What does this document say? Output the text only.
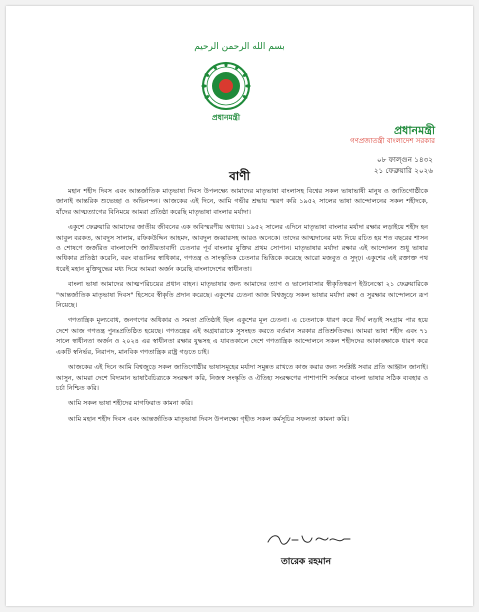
بسم الله الرحمن الرحيم
প্রধানমন্ত্রী
প্রধানমন্ত্রী
গণপ্রজাতন্ত্রী বাংলাদেশ সরকার
০৮ ফাল্গুন ১৪৩২
২১ ফেব্রুয়ারি ২০২৬
বাণী

মহান শহীদ দিবস এবং আন্তর্জাতিক মাতৃভাষা দিবস উপলক্ষ্যে আমাদের মাতৃভাষা বাংলাসহ বিশ্বের সকল ভাষাভাষী মানুষ ও জাতিগোষ্ঠীকে জানাই আন্তরিক শুভেচ্ছা ও অভিনন্দন। আজকের এই দিনে, আমি গভীর শ্রদ্ধায় স্মরণ করি ১৯৫২ সালের ভাষা আন্দোলনের সকল শহীদকে, যাঁদের আত্মত্যাগের বিনিময়ে আমরা প্রতিষ্ঠা করেছি মাতৃভাষা বাংলার মর্যাদা।

একুশে ফেব্রুয়ারি আমাদের জাতীয় জীবনের এক অবিস্মরণীয় অধ্যায়। ১৯৫২ সালের এদিনে মাতৃভাষা বাংলার মর্যাদা রক্ষার লড়াইয়ে শহীদ হন আবুল বরকত, আবদুস সালাম, রফিকউদ্দিন আহমদ, আবদুল জব্বারসহ আরও অনেকে। তাদের আত্মদানের মধ্য দিয়ে রচিত হয় শত বছরের শাসন ও শোষণে জর্জরিত বাংলাদেশি জাতীয়তাবাদী চেতনার পূর্ব বাংলার মুক্তির প্রথম সোপান। মাতৃভাষার মর্যাদা রক্ষার এই আন্দোলন শুধু ভাষার অধিকার প্রতিষ্ঠা করেনি, বরং বাঙালির স্বাধিকার, গণতন্ত্র ও সাংস্কৃতিক চেতনার ভিত্তিকে করেছে আরো মজবুত ও সুদৃঢ়। একুশের এই রক্তাক্ত পথ ধরেই মহান মুক্তিযুদ্ধের মধ্য দিয়ে আমরা অর্জন করেছি বাংলাদেশের স্বাধীনতা।

বাংলা ভাষা আমাদের আত্মপরিচয়ের প্রধান বাহন। মাতৃভাষার জন্য আমাদের ত্যাগ ও ভালোবাসার স্বীকৃতিস্বরূপ ইউনেস্কো ২১ ফেব্রুয়ারিকে "আন্তর্জাতিক মাতৃভাষা দিবস" হিসেবে স্বীকৃতি প্রদান করেছে। একুশের চেতনা আজ বিশ্বজুড়ে সকল ভাষার মর্যাদা রক্ষা ও সুরক্ষার আন্দোলনে রূপ নিয়েছে।

গণতান্ত্রিক মূল্যবোধ, জনগণের অধিকার ও সমতা প্রতিষ্ঠাই ছিল একুশের মূল চেতনা। এ চেতনাকে ধারণ করে দীর্ঘ লড়াই সংগ্রাম পার হয়ে দেশে আজ গণতন্ত্র পুনঃপ্রতিষ্ঠিত হয়েছে। গণতন্ত্রের এই অগ্রযাত্রাকে সুসংহত করতে বর্তমান সরকার প্রতিশ্রুতিবদ্ধ। আমরা ভাষা শহীদ এবং ৭১ সালে স্বাধীনতা অর্জন ও ২০২৪ এর স্বাধীনতা রক্ষার যুদ্ধসহ এ যাবতকালে দেশে গণতান্ত্রিক আন্দোলনে সকল শহীদদের আকাঙ্ক্ষাকে ধারণ করে একটি স্বনির্ভর, নিরাপদ, মানবিক গণতান্ত্রিক রাষ্ট্র গড়তে চাই।

আজকের এই দিনে আমি বিশ্বজুড়ে সকল জাতিগোষ্ঠীর ভাষাসমূহের মর্যাদা সমুন্নত রাখতে কাজ করার জন্য সংশ্লিষ্ট সবার প্রতি আহ্বান জানাই। আসুন, আমরা দেশে বিদ্যমান ভাষাবৈচিত্র্যকে সংরক্ষণ করি, নিজস্ব সংস্কৃতি ও ঐতিহ্য সংরক্ষণের পাশাপাশি সর্বস্তরে বাংলা ভাষার সঠিক ব্যবহার ও চর্চা নিশ্চিত করি।

আমি সকল ভাষা শহীদের মাগফিরাত কামনা করি।

আমি মহান শহীদ দিবস এবং আন্তর্জাতিক মাতৃভাষা দিবস উপলক্ষ্যে গৃহীত সকল কর্মসূচির সফলতা কামনা করি।

তারেক রহমান
